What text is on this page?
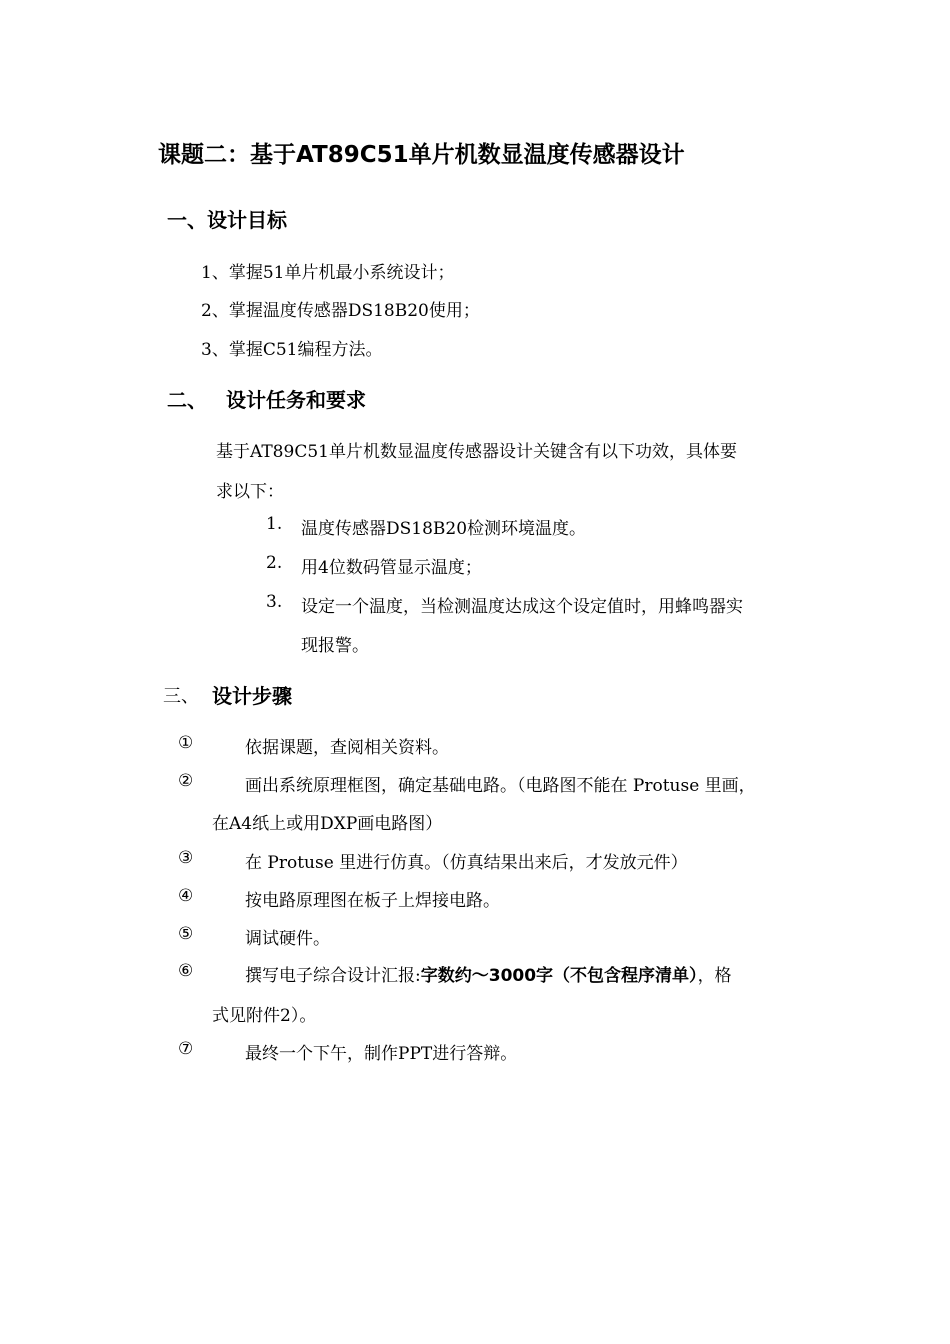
课题二：基于AT89C51单片机数显温度传感器设计
一、设计目标
1、掌握51单片机最小系统设计；
2、掌握温度传感器DS18B20使用；
3、掌握C51编程方法。
二、 设计任务和要求
基于AT89C51单片机数显温度传感器设计关键含有以下功效，具体要
求以下：
1. 温度传感器DS18B20检测环境温度。
2. 用4位数码管显示温度；
3. 设定一个温度，当检测温度达成这个设定值时，用蜂鸣器实
现报警。
三、 设计步骤
①	依据课题，查阅相关资料。
②	画出系统原理框图，确定基础电路。（电路图不能在 Protuse 里画，
在A4纸上或用DXP画电路图）
③	在 Protuse 里进行仿真。（仿真结果出来后，才发放元件）
④	按电路原理图在板子上焊接电路。
⑤	调试硬件。
⑥	撰写电子综合设计汇报:字数约～3000字（不包含程序清单），格
式见附件2）。
⑦	最终一个下午，制作PPT进行答辩。
